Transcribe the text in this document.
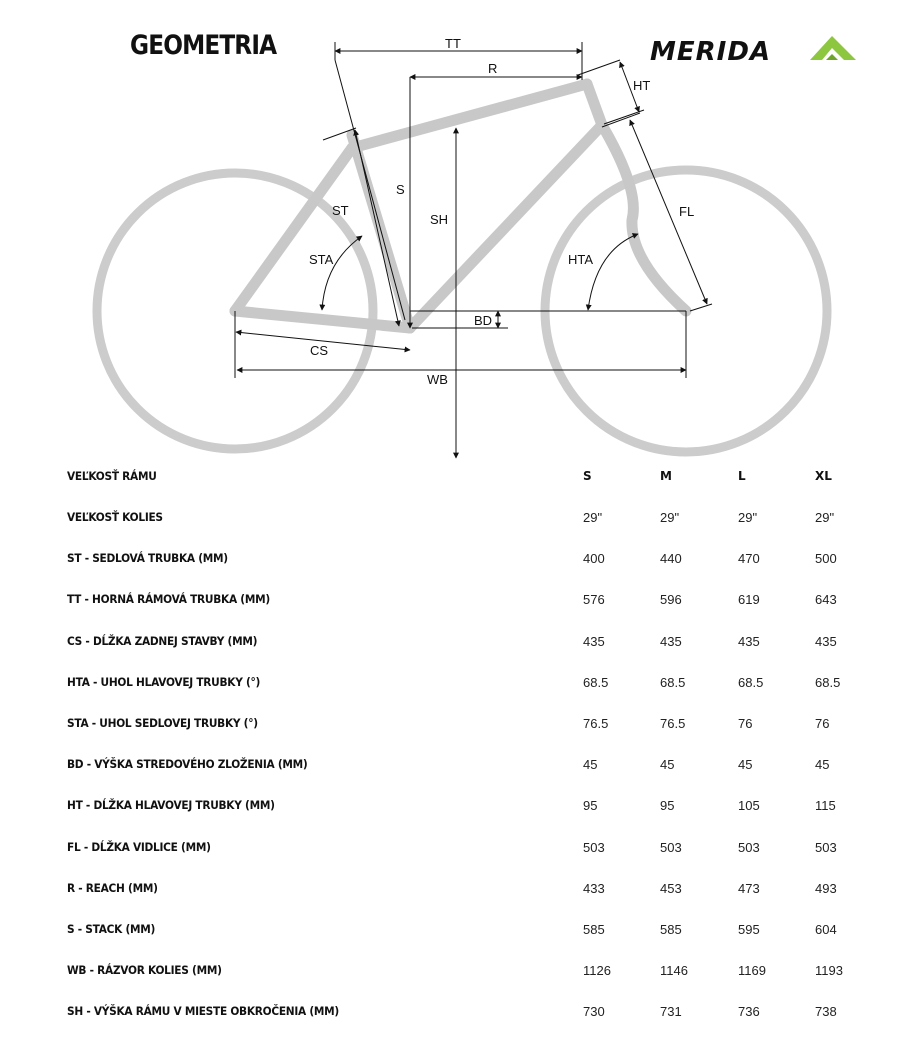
GEOMETRIA	MERIDA
TT
R
HT
ST
S
SH
STA	HTA
FL
BD
CS
WB
VEĽKOSŤ RÁMU	S	M	L	XL
VEĽKOSŤ KOLIES	29"	29"	29"	29"
ST - SEDLOVÁ TRUBKA (MM)	400	440	470	500
TT - HORNÁ RÁMOVÁ TRUBKA (MM)	576	596	619	643
CS - DĹŽKA ZADNEJ STAVBY (MM)	435	435	435	435
HTA - UHOL HLAVOVEJ TRUBKY (°)	68.5	68.5	68.5	68.5
STA - UHOL SEDLOVEJ TRUBKY (°)	76.5	76.5	76	76
BD - VÝŠKA STREDOVÉHO ZLOŽENIA (MM)	45	45	45	45
HT - DĹŽKA HLAVOVEJ TRUBKY (MM)	95	95	105	115
FL - DĹŽKA VIDLICE (MM)	503	503	503	503
R - REACH (MM)	433	453	473	493
S - STACK (MM)	585	585	595	604
WB - RÁZVOR KOLIES (MM)	1126	1146	1169	1193
SH - VÝŠKA RÁMU V MIESTE OBKROČENIA (MM)	730	731	736	738
